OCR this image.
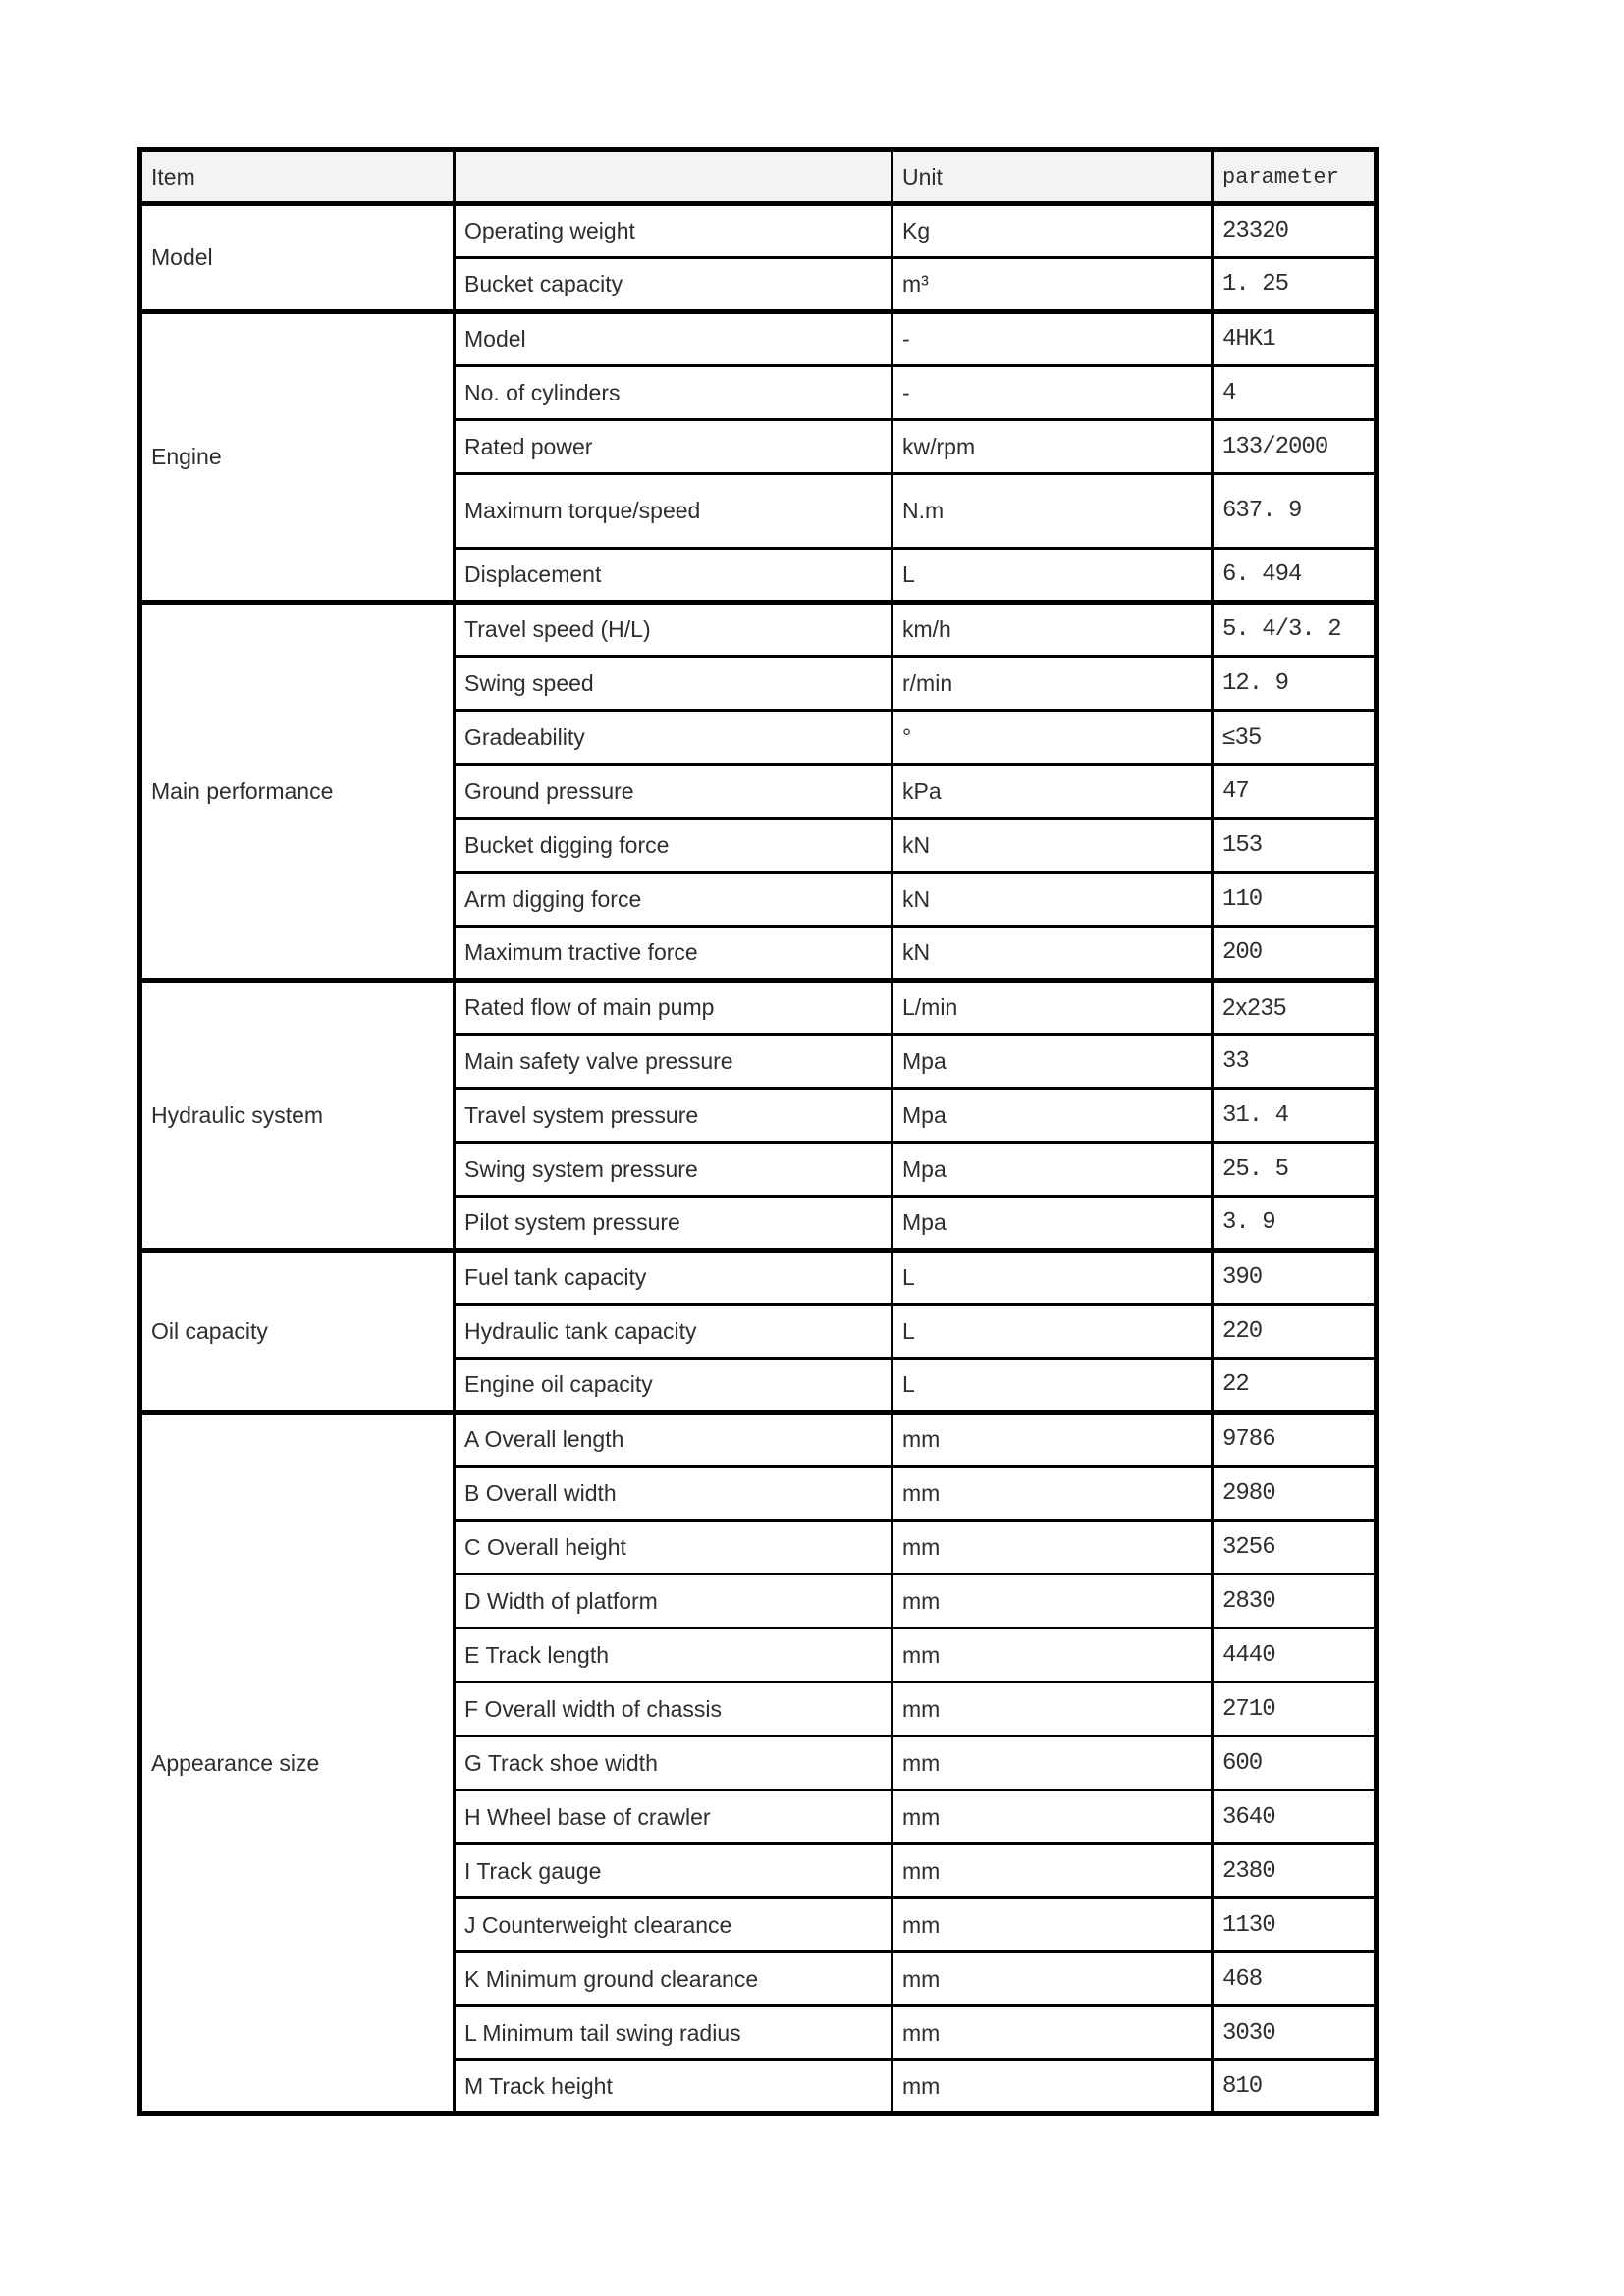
Item		Unit	parameter
Model	Operating weight	Kg	23320
	Bucket capacity	m³	1. 25
Engine	Model	-	4HK1
	No. of cylinders	-	4
	Rated power	kw/rpm	133/2000
	Maximum torque/speed	N.m	637. 9
	Displacement	L	6. 494
Main performance	Travel speed (H/L)	km/h	5. 4/3. 2
	Swing speed	r/min	12. 9
	Gradeability	°	≤35
	Ground pressure	kPa	47
	Bucket digging force	kN	153
	Arm digging force	kN	110
	Maximum tractive force	kN	200
Hydraulic system	Rated flow of main pump	L/min	2x235
	Main safety valve pressure	Mpa	33
	Travel system pressure	Mpa	31. 4
	Swing system pressure	Mpa	25. 5
	Pilot system pressure	Mpa	3. 9
Oil capacity	Fuel tank capacity	L	390
	Hydraulic tank capacity	L	220
	Engine oil capacity	L	22
Appearance size	A Overall length	mm	9786
	B Overall width	mm	2980
	C Overall height	mm	3256
	D Width of platform	mm	2830
	E Track length	mm	4440
	F Overall width of chassis	mm	2710
	G Track shoe width	mm	600
	H Wheel base of crawler	mm	3640
	I Track gauge	mm	2380
	J Counterweight clearance	mm	1130
	K Minimum ground clearance	mm	468
	L Minimum tail swing radius	mm	3030
	M Track height	mm	810
